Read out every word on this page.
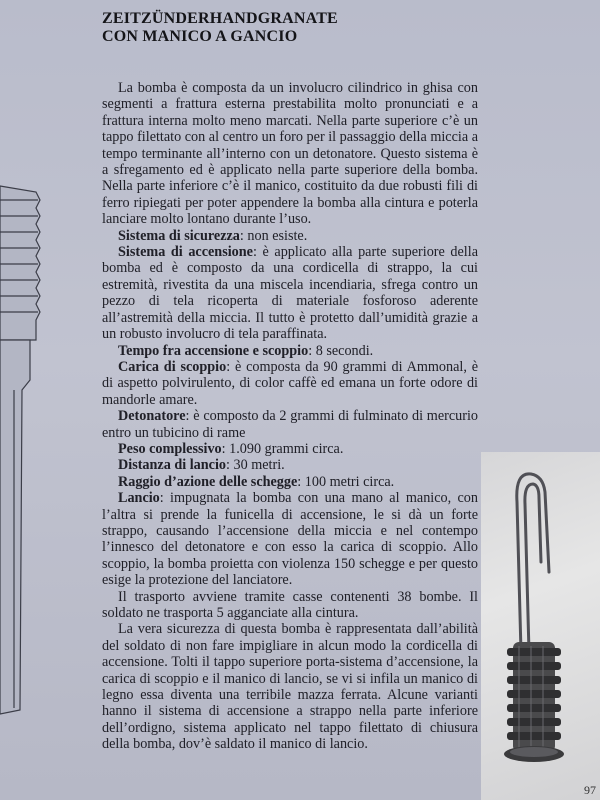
ZEITZÜNDERHANDGRANATE
CON MANICO A GANCIO

La bomba è composta da un involucro cilindrico in ghisa con segmenti a frattura esterna prestabilita molto pronunciati e a frattura interna molto meno marcati. Nella parte superiore c’è un tappo filettato con al centro un foro per il passaggio della miccia a tempo terminante all’interno con un detonatore. Questo sistema è a sfregamento ed è applicato nella parte superiore della bomba. Nella parte inferiore c’è il manico, costituito da due robusti fili di ferro ripiegati per poter appendere la bomba alla cintura e poterla lanciare molto lontano durante l’uso.

Sistema di sicurezza: non esiste.

Sistema di accensione: è applicato alla parte superiore della bomba ed è composto da una cordicella di strappo, la cui estremità, rivestita da una miscela incendiaria, sfrega contro un pezzo di tela ricoperta di materiale fosforoso aderente all’astremità della miccia. Il tutto è protetto dall’umidità grazie a un robusto involucro di tela paraffinata.

Tempo fra accensione e scoppio: 8 secondi.

Carica di scoppio: è composta da 90 grammi di Ammonal, è di aspetto polvirulento, di color caffè ed emana un forte odore di mandorle amare.

Detonatore: è composto da 2 grammi di fulminato di mercurio entro un tubicino di rame

Peso complessivo: 1.090 grammi circa.

Distanza di lancio: 30 metri.

Raggio d’azione delle schegge: 100 metri circa.

Lancio: impugnata la bomba con una mano al manico, con l’altra si prende la funicella di accensione, le si dà un forte strappo, causando l’accensione della miccia e nel contempo l’innesco del detonatore e con esso la carica di scoppio. Allo scoppio, la bomba proietta con violenza 150 schegge e per questo esige la protezione del lanciatore.

Il trasporto avviene tramite casse contenenti 38 bombe. Il soldato ne trasporta 5 agganciate alla cintura.

La vera sicurezza di questa bomba è rappresentata dall’abilità del soldato di non fare impigliare in alcun modo la cordicella di accensione. Tolti il tappo superiore porta-sistema d’accensione, la carica di scoppio e il manico di lancio, se vi si infila un manico di legno essa diventa una terribile mazza ferrata. Alcune varianti hanno il sistema di accensione a strappo nella parte inferiore dell’ordigno, sistema applicato nel tappo filettato di chiusura della bomba, dov’è saldato il manico di lancio.

97
